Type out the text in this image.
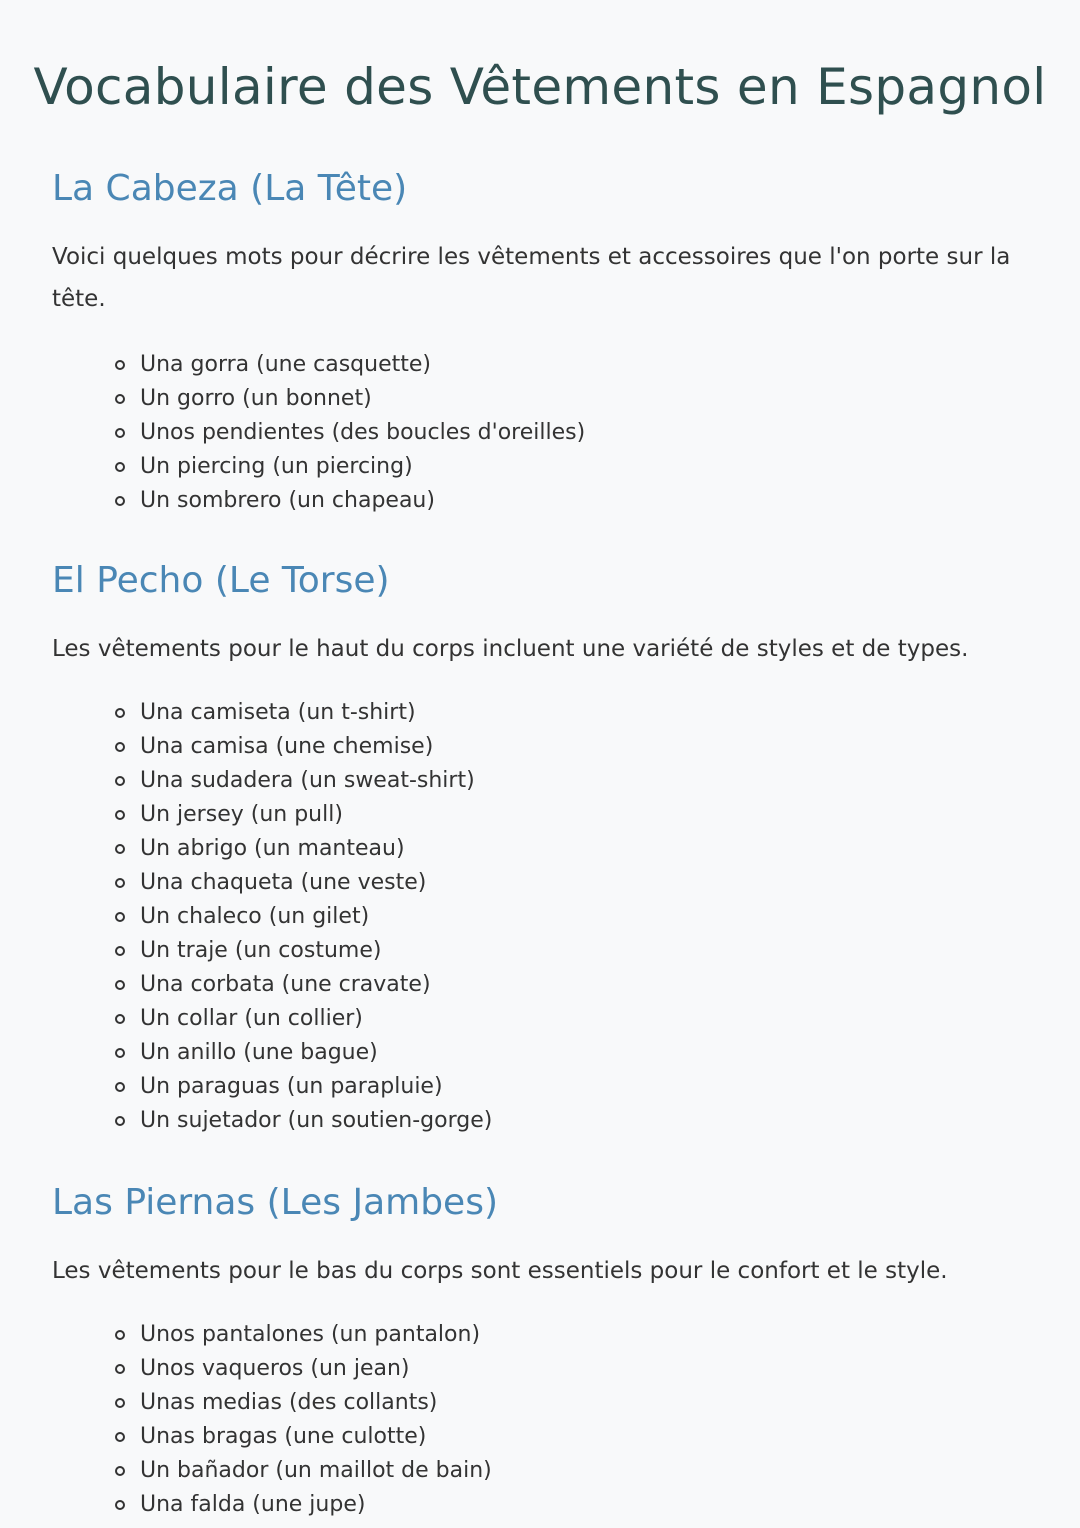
Vocabulaire des Vêtements en Espagnol
La Cabeza (La Tête)

Voici quelques mots pour décrire les vêtements et accessoires que l'on porte sur la tête.

Una gorra (une casquette)
Un gorro (un bonnet)
Unos pendientes (des boucles d'oreilles)
Un piercing (un piercing)
Un sombrero (un chapeau)
El Pecho (Le Torse)

Les vêtements pour le haut du corps incluent une variété de styles et de types.

Una camiseta (un t-shirt)
Una camisa (une chemise)
Una sudadera (un sweat-shirt)
Un jersey (un pull)
Un abrigo (un manteau)
Una chaqueta (une veste)
Un chaleco (un gilet)
Un traje (un costume)
Una corbata (une cravate)
Un collar (un collier)
Un anillo (une bague)
Un paraguas (un parapluie)
Un sujetador (un soutien-gorge)
Las Piernas (Les Jambes)

Les vêtements pour le bas du corps sont essentiels pour le confort et le style.

Unos pantalones (un pantalon)
Unos vaqueros (un jean)
Unas medias (des collants)
Unas bragas (une culotte)
Un bañador (un maillot de bain)
Una falda (une jupe)
